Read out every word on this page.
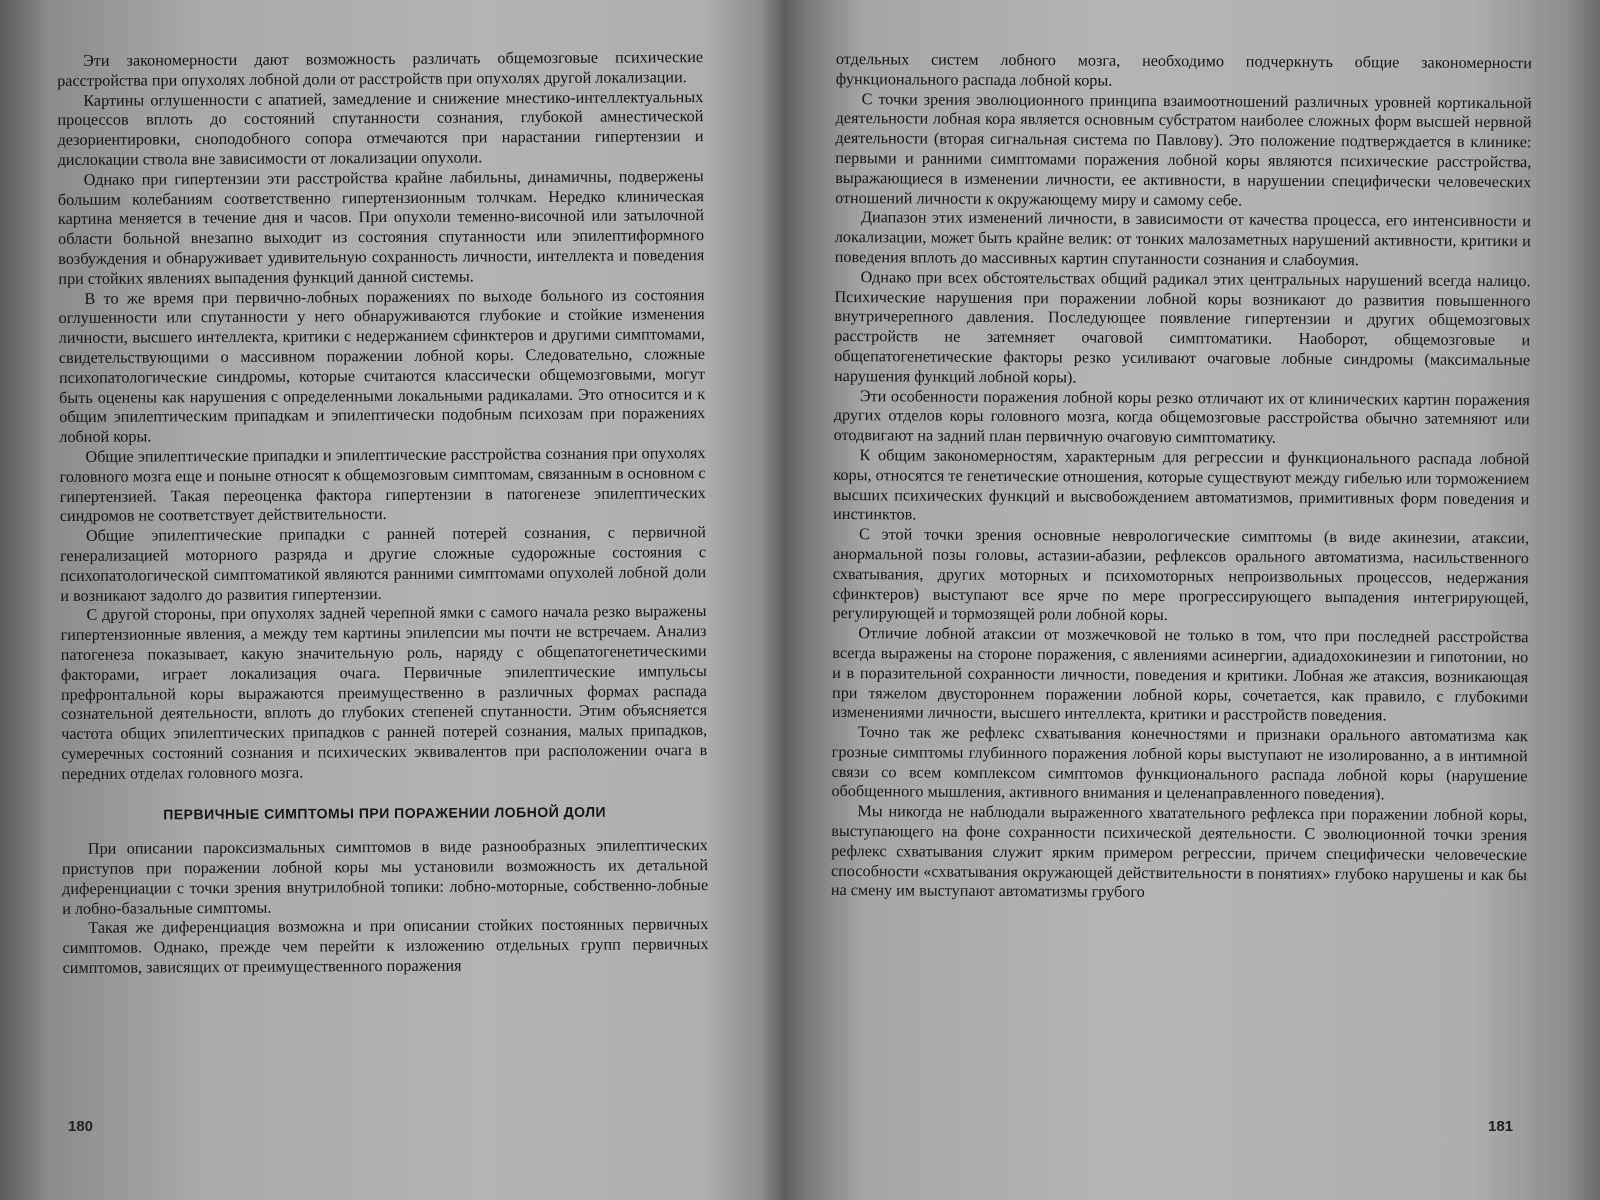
Эти закономерности дают возможность различать общемозговые психические расстройства при опухолях лобной доли от расстройств при опухолях другой локализации.

Картины оглушенности с апатией, замедление и снижение мнестико-интеллектуальных процессов вплоть до состояний спутанности сознания, глубокой амнестической дезориентировки, сноподобного сопора отмечаются при нарастании гипертензии и дислокации ствола вне зависимости от локализации опухоли.

Однако при гипертензии эти расстройства крайне лабильны, динамичны, подвержены большим колебаниям соответственно гипертензионным толчкам. Нередко клиническая картина меняется в течение дня и часов. При опухоли теменно-височной или затылочной области больной внезапно выходит из состояния спутанности или эпилептиформного возбуждения и обнаруживает удивительную сохранность личности, интеллекта и поведения при стойких явлениях выпадения функций данной системы.

В то же время при первично-лобных поражениях по выходе больного из состояния оглушенности или спутанности у него обнаруживаются глубокие и стойкие изменения личности, высшего интеллекта, критики с недержанием сфинктеров и другими симптомами, свидетельствующими о массивном поражении лобной коры. Следовательно, сложные психопатологические синдромы, которые считаются классически общемозговыми, могут быть оценены как нарушения с определенными локальными радикалами. Это относится и к общим эпилептическим припадкам и эпилептически подобным психозам при поражениях лобной коры.

Общие эпилептические припадки и эпилептические расстройства сознания при опухолях головного мозга еще и поныне относят к общемозговым симптомам, связанным в основном с гипертензией. Такая переоценка фактора гипертензии в патогенезе эпилептических синдромов не соответствует действительности.

Общие эпилептические припадки с ранней потерей сознания, с первичной генерализацией моторного разряда и другие сложные судорожные состояния с психопатологической симптоматикой являются ранними симптомами опухолей лобной доли и возникают задолго до развития гипертензии.

С другой стороны, при опухолях задней черепной ямки с самого начала резко выражены гипертензионные явления, а между тем картины эпилепсии мы почти не встречаем. Анализ патогенеза показывает, какую значительную роль, наряду с общепатогенетическими факторами, играет локализация очага. Первичные эпилептические импульсы префронтальной коры выражаются преимущественно в различных формах распада сознательной деятельности, вплоть до глубоких степеней спутанности. Этим объясняется частота общих эпилептических припадков с ранней потерей сознания, малых припадков, сумеречных состояний сознания и психических эквивалентов при расположении очага в передних отделах головного мозга.

ПЕРВИЧНЫЕ СИМПТОМЫ ПРИ ПОРАЖЕНИИ ЛОБНОЙ ДОЛИ

При описании пароксизмальных симптомов в виде разнообразных эпилептических приступов при поражении лобной коры мы установили возможность их детальной диференциации с точки зрения внутрилобной топики: лобно-моторные, собственно-лобные и лобно-базальные симптомы.

Такая же диференциация возможна и при описании стойких постоянных первичных симптомов. Однако, прежде чем перейти к изложению отдельных групп первичных симптомов, зависящих от преимущественного поражения

180

отдельных систем лобного мозга, необходимо подчеркнуть общие закономерности функционального распада лобной коры.

С точки зрения эволюционного принципа взаимоотношений различных уровней кортикальной деятельности лобная кора является основным субстратом наиболее сложных форм высшей нервной деятельности (вторая сигнальная система по Павлову). Это положение подтверждается в клинике: первыми и ранними симптомами поражения лобной коры являются психические расстройства, выражающиеся в изменении личности, ее активности, в нарушении специфически человеческих отношений личности к окружающему миру и самому себе.

Диапазон этих изменений личности, в зависимости от качества процесса, его интенсивности и локализации, может быть крайне велик: от тонких малозаметных нарушений активности, критики и поведения вплоть до массивных картин спутанности сознания и слабоумия.

Однако при всех обстоятельствах общий радикал этих центральных нарушений всегда налицо. Психические нарушения при поражении лобной коры возникают до развития повышенного внутричерепного давления. Последующее появление гипертензии и других общемозговых расстройств не затемняет очаговой симптоматики. Наоборот, общемозговые и общепатогенетические факторы резко усиливают очаговые лобные синдромы (максимальные нарушения функций лобной коры).

Эти особенности поражения лобной коры резко отличают их от клинических картин поражения других отделов коры головного мозга, когда общемозговые расстройства обычно затемняют или отодвигают на задний план первичную очаговую симптоматику.

К общим закономерностям, характерным для регрессии и функционального распада лобной коры, относятся те генетические отношения, которые существуют между гибелью или торможением высших психических функций и высвобождением автоматизмов, примитивных форм поведения и инстинктов.

С этой точки зрения основные неврологические симптомы (в виде акинезии, атаксии, анормальной позы головы, астазии-абазии, рефлексов орального автоматизма, насильственного схватывания, других моторных и психомоторных непроизвольных процессов, недержания сфинктеров) выступают все ярче по мере прогрессирующего выпадения интегрирующей, регулирующей и тормозящей роли лобной коры.

Отличие лобной атаксии от мозжечковой не только в том, что при последней расстройства всегда выражены на стороне поражения, с явлениями асинергии, адиадохокинезии и гипотонии, но и в поразительной сохранности личности, поведения и критики. Лобная же атаксия, возникающая при тяжелом двустороннем поражении лобной коры, сочетается, как правило, с глубокими изменениями личности, высшего интеллекта, критики и расстройств поведения.

Точно так же рефлекс схватывания конечностями и признаки орального автоматизма как грозные симптомы глубинного поражения лобной коры выступают не изолированно, а в интимной связи со всем комплексом симптомов функционального распада лобной коры (нарушение обобщенного мышления, активного внимания и целенаправленного поведения).

Мы никогда не наблюдали выраженного хватательного рефлекса при поражении лобной коры, выступающего на фоне сохранности психической деятельности. С эволюционной точки зрения рефлекс схватывания служит ярким примером регрессии, причем специфически человеческие способности «схватывания окружающей действительности в понятиях» глубоко нарушены и как бы на смену им выступают автоматизмы грубого

181
